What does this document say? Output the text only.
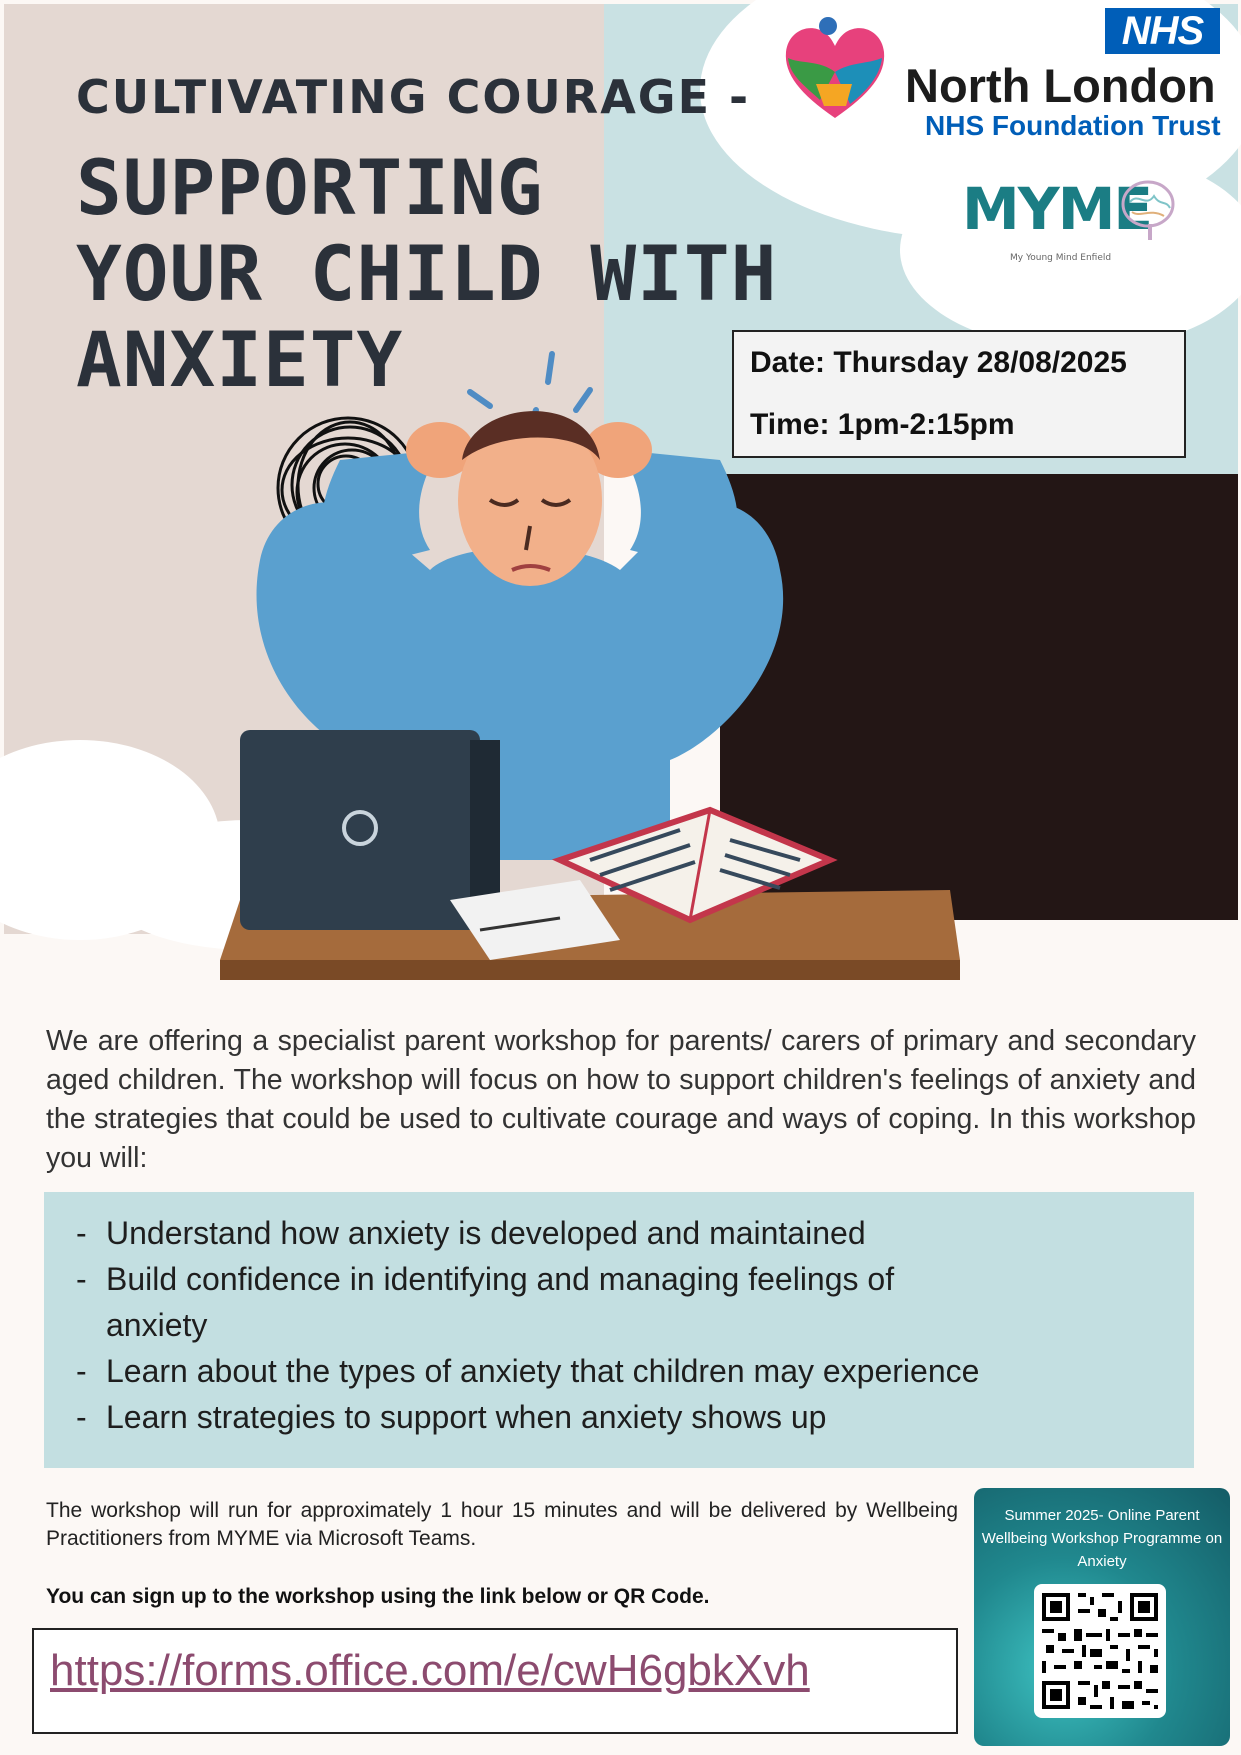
CULTIVATING COURAGE -
SUPPORTING
YOUR CHILD WITH
ANXIETY
NHS
North London
NHS Foundation Trust
MYME
My Young Mind Enfield
Date: Thursday 28/08/2025
Time: 1pm-2:15pm
We are offering a specialist parent workshop for parents/ carers of primary and secondary aged children. The workshop will focus on how to support children's feelings of anxiety and the strategies that could be used to cultivate courage and ways of coping. In this workshop you will:
- Understand how anxiety is developed and maintained
- Build confidence in identifying and managing feelings of anxiety
- Learn about the types of anxiety that children may experience
- Learn strategies to support when anxiety shows up
The workshop will run for approximately 1 hour 15 minutes and will be delivered by Wellbeing Practitioners from MYME via Microsoft Teams.
You can sign up to the workshop using the link below or QR Code.
https://forms.office.com/e/cwH6gbkXvh
Summer 2025- Online Parent Wellbeing Workshop Programme on Anxiety
